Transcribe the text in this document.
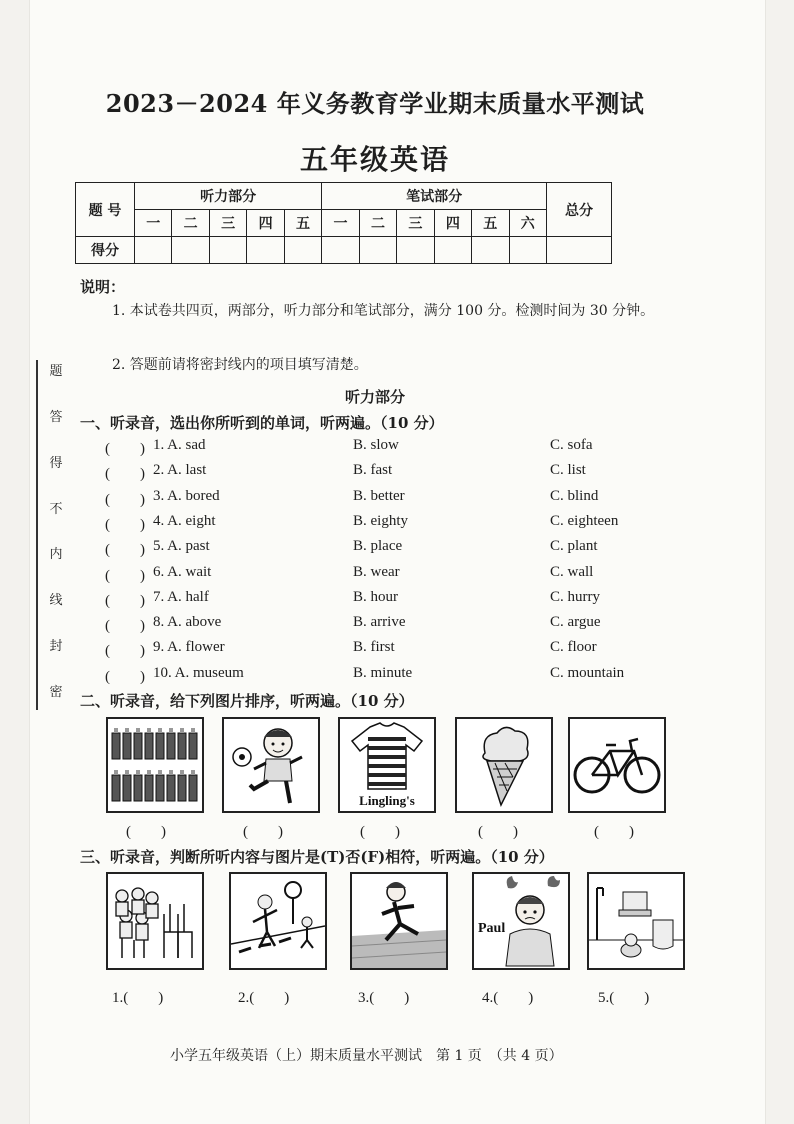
题
答
得
不
内
线
封
密
2023－2024 年义务教育学业期末质量水平测试
五年级英语
题 号	听力部分					笔试部分						总分
	一	二	三	四	五	一	二	三	四	五	六	
得分												
说明：
1. 本试卷共四页，两部分，听力部分和笔试部分，满分 100 分。检测时间为 30 分钟。
2. 答题前请将密封线内的项目填写清楚。
听力部分
一、听录音，选出你所听到的单词，听两遍。（10 分）
(　　) 1. A. sad	B. slow	C. sofa
(　　) 2. A. last	B. fast	C. list
(　　) 3. A. bored	B. better	C. blind
(　　) 4. A. eight	B. eighty	C. eighteen
(　　) 5. A. past	B. place	C. plant
(　　) 6. A. wait	B. wear	C. wall
(　　) 7. A. half	B. hour	C. hurry
(　　) 8. A. above	B. arrive	C. argue
(　　) 9. A. flower	B. first	C. floor
(　　) 10. A. museum	B. minute	C. mountain
二、听录音，给下列图片排序，听两遍。（10 分）
Lingling's
(　　)	(　　)	(　　)	(　　)	(　　)
三、听录音，判断所听内容与图片是(T)否(F)相符，听两遍。（10 分）
Paul
1.(　　)	2.(　　)	3.(　　)	4.(　　)	5.(　　)
小学五年级英语（上）期末质量水平测试　第 1 页　（共 4 页）
